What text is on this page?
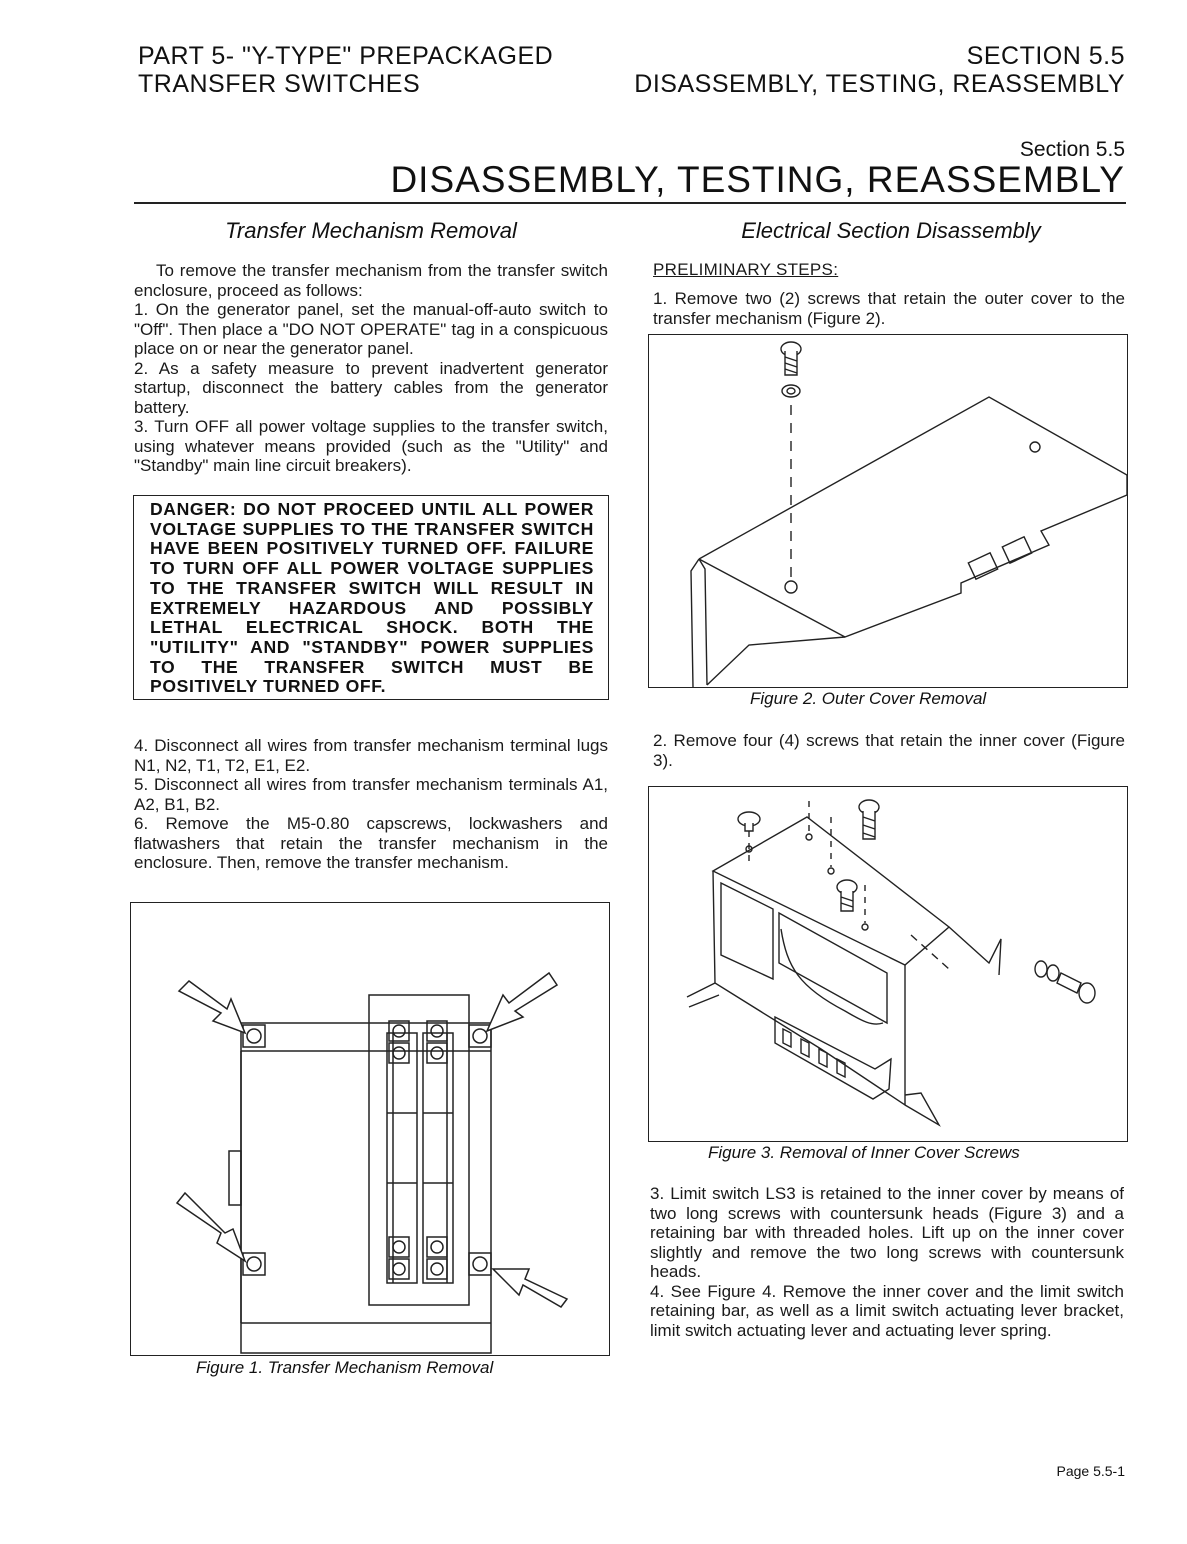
PART 5- "Y-TYPE" PREPACKAGED
TRANSFER SWITCHES
SECTION 5.5
DISASSEMBLY, TESTING, REASSEMBLY
Section 5.5
DISASSEMBLY, TESTING, REASSEMBLY
Transfer Mechanism Removal

To remove the transfer mechanism from the transfer switch enclosure, proceed as follows:

1. On the generator panel, set the manual-off-auto switch to "Off". Then place a "DO NOT OPERATE" tag in a conspicuous place on or near the generator panel.

2. As a safety measure to prevent inadvertent generator startup, disconnect the battery cables from the generator battery.

3. Turn OFF all power voltage supplies to the transfer switch, using whatever means provided (such as the "Utility" and "Standby" main line circuit breakers).

DANGER: DO NOT PROCEED UNTIL ALL POWER VOLTAGE SUPPLIES TO THE TRANSFER SWITCH HAVE BEEN POSITIVELY TURNED OFF. FAILURE TO TURN OFF ALL POWER VOLTAGE SUPPLIES TO THE TRANSFER SWITCH WILL RESULT IN EXTREMELY HAZARDOUS AND POSSIBLY LETHAL ELECTRICAL SHOCK. BOTH THE "UTILITY" AND "STANDBY" POWER SUPPLIES TO THE TRANSFER SWITCH MUST BE POSITIVELY TURNED OFF.

4. Disconnect all wires from transfer mechanism terminal lugs N1, N2, T1, T2, E1, E2.

5. Disconnect all wires from transfer mechanism terminals A1, A2, B1, B2.

6. Remove the M5-0.80 capscrews, lockwashers and flatwashers that retain the transfer mechanism in the enclosure. Then, remove the transfer mechanism.

Figure 1. Transfer Mechanism Removal
Electrical Section Disassembly
PRELIMINARY STEPS:
1. Remove two (2) screws that retain the outer cover to the transfer mechanism (Figure 2).
Figure 2. Outer Cover Removal
2. Remove four (4) screws that retain the inner cover (Figure 3).
Figure 3. Removal of Inner Cover Screws

3. Limit switch LS3 is retained to the inner cover by means of two long screws with countersunk heads (Figure 3) and a retaining bar with threaded holes. Lift up on the inner cover slightly and remove the two long screws with countersunk heads.

4. See Figure 4. Remove the inner cover and the limit switch retaining bar, as well as a limit switch actuating lever bracket, limit switch actuating lever and actuating lever spring.

Page 5.5-1
